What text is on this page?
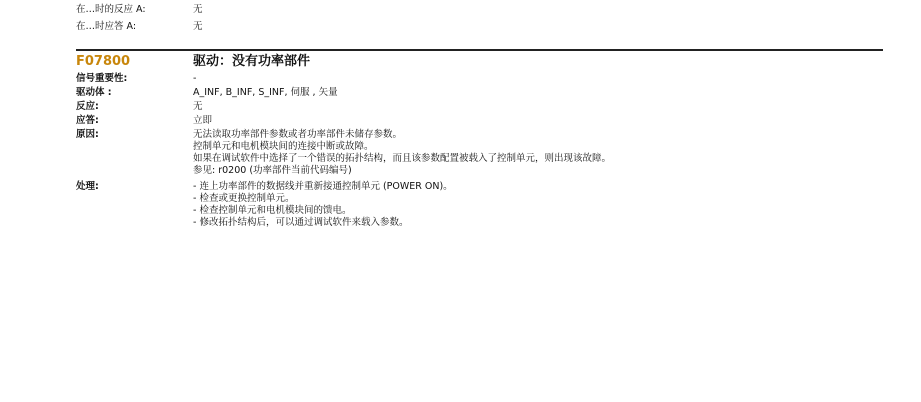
在…时的反应 A:	无
在…时应答 A:	无
F07800	驱动：没有功率部件
信号重要性:	-
驱动体 :	A_INF, B_INF, S_INF, 伺服 , 矢量
反应:	无
应答:	立即
原因:	无法读取功率部件参数或者功率部件未储存参数。
控制单元和电机模块间的连接中断或故障。
如果在调试软件中选择了一个错误的拓扑结构，而且该参数配置被载入了控制单元，则出现该故障。
参见: r0200 (功率部件当前代码编号)
处理:	- 连上功率部件的数据线并重新接通控制单元 (POWER ON)。
- 检查或更换控制单元。
- 检查控制单元和电机模块间的馈电。
- 修改拓扑结构后，可以通过调试软件来载入参数。
